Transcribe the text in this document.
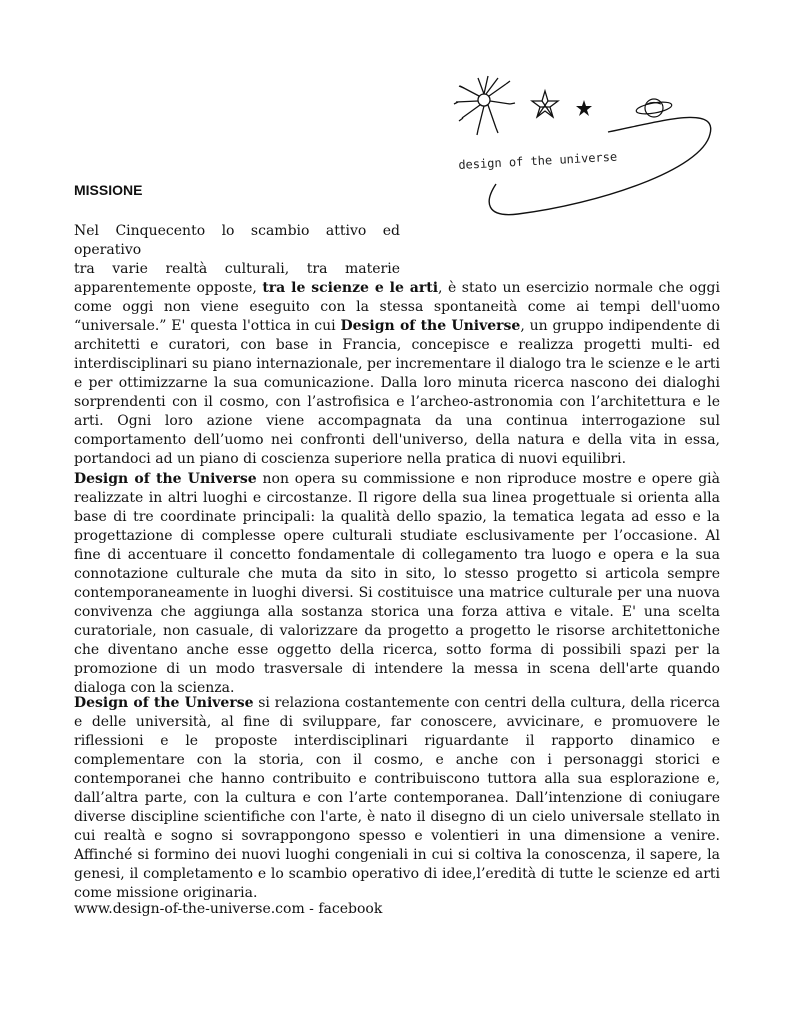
design of the universe
MISSIONE
Nel Cinquecento lo scambio attivo ed operativo
tra varie realtà culturali, tra materie
apparentemente opposte, tra le scienze e le arti, è stato un esercizio normale che oggi come oggi non viene eseguito con la stessa spontaneità come ai tempi dell'uomo “universale.” E' questa l'ottica in cui Design of the Universe, un gruppo indipendente di architetti e curatori, con base in Francia, concepisce e realizza progetti multi- ed interdisciplinari su piano internazionale, per incrementare il dialogo tra le scienze e le arti e per ottimizzarne la sua comunicazione. Dalla loro minuta ricerca nascono dei dialoghi sorprendenti con il cosmo, con l’astrofisica e l’archeo-astronomia con l’architettura e le arti. Ogni loro azione viene accompagnata da una continua interrogazione sul comportamento dell’uomo nei confronti dell'universo, della natura e della vita in essa, portandoci ad un piano di coscienza superiore nella pratica di nuovi equilibri.

Design of the Universe non opera su commissione e non riproduce mostre e opere già realizzate in altri luoghi e circostanze. Il rigore della sua linea progettuale si orienta alla base di tre coordinate principali: la qualità dello spazio, la tematica legata ad esso e la progettazione di complesse opere culturali studiate esclusivamente per l’occasione. Al fine di accentuare il concetto fondamentale di collegamento tra luogo e opera e la sua connotazione culturale che muta da sito in sito, lo stesso progetto si articola sempre contemporaneamente in luoghi diversi. Si costituisce una matrice culturale per una nuova convivenza che aggiunga alla sostanza storica una forza attiva e vitale. E' una scelta curatoriale, non casuale, di valorizzare da progetto a progetto le risorse architettoniche che diventano anche esse oggetto della ricerca, sotto forma di possibili spazi per la promozione di un modo trasversale di intendere la messa in scena dell'arte quando dialoga con la scienza.

Design of the Universe si relaziona costantemente con centri della cultura, della ricerca e delle università, al fine di sviluppare, far conoscere, avvicinare, e promuovere le riflessioni e le proposte interdisciplinari riguardante il rapporto dinamico e complementare con la storia, con il cosmo, e anche con i personaggi storici e contemporanei che hanno contribuito e contribuiscono tuttora alla sua esplorazione e, dall’altra parte, con la cultura e con l’arte contemporanea. Dall’intenzione di coniugare diverse discipline scientifiche con l'arte, è nato il disegno di un cielo universale stellato in cui realtà e sogno si sovrappongono spesso e volentieri in una dimensione a venire. Affinché si formino dei nuovi luoghi congeniali in cui si coltiva la conoscenza, il sapere, la genesi, il completamento e lo scambio operativo di idee,l’eredità di tutte le scienze ed arti come missione originaria.

www.design-of-the-universe.com - facebook
